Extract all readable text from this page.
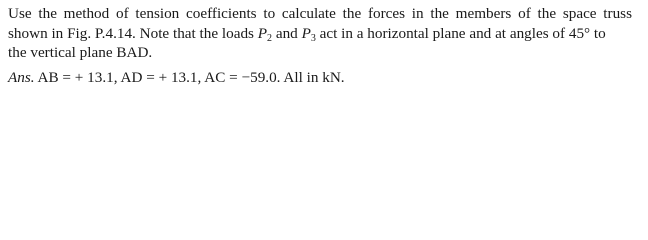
Use the method of tension coefficients to calculate the forces in the members of the space truss
shown in Fig. P.4.14. Note that the loads $P_2$ and $P_3$ act in a horizontal plane and at angles of 45° to
the vertical plane BAD.
Ans. AB = + 13.1, AD = + 13.1, AC = −59.0. All in kN.
